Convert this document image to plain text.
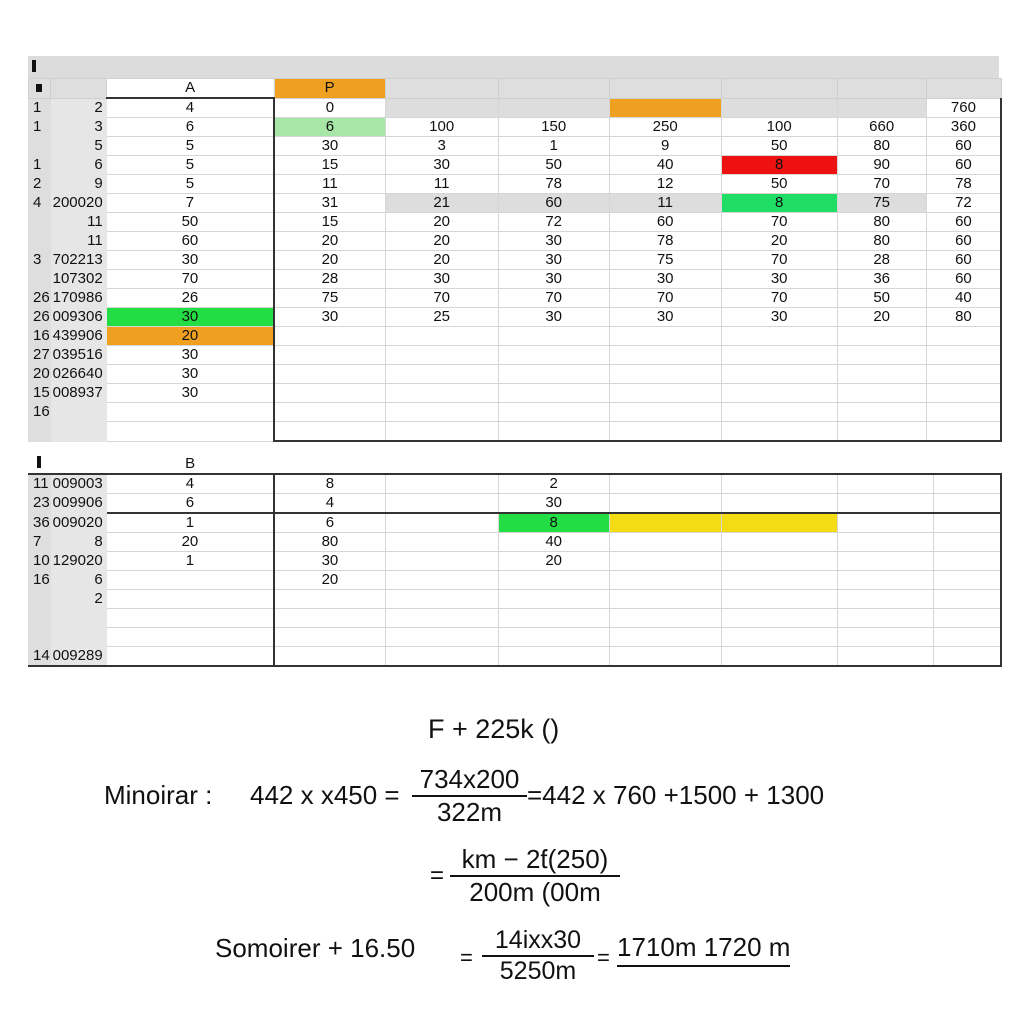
		A	P						
1	2	4	0						760
1	3	6	6	100	150	250	100	660	360
	5	5	30	3	1	9	50	80	60
1	6	5	15	30	50	40	8	90	60
2	9	5	11	11	78	12	50	70	78
4	200020	7	31	21	60	11	8	75	72
	11	50	15	20	72	60	70	80	60
	11	60	20	20	30	78	20	80	60
3	702213	30	20	20	30	75	70	28	60
	107302	70	28	30	30	30	30	36	60
26	170986	26	75	70	70	70	70	50	40
26	009306	30	30	25	30	30	30	20	80
16	439906	20							
27	039516	30							
20	026640	30							
15	008937	30							
16									

		B							
11	009003	4	8		2				
23	009906	6	4		30				
36	009020	1	6		8				
7	8	20	80		40				
10	129020	1	30		20				
16	6		20						
	2								

14	009289								
F + 225k ()
Minoirar : 442 x $x450 = \frac{734x200}{322m} =442$ x 760 +1500 + 1300
= $\frac{km - 2ƭ(250)}{200m (00m}$
Somoirer + 16.50 =
14ixx30
5250m = 1710m 1720 m
